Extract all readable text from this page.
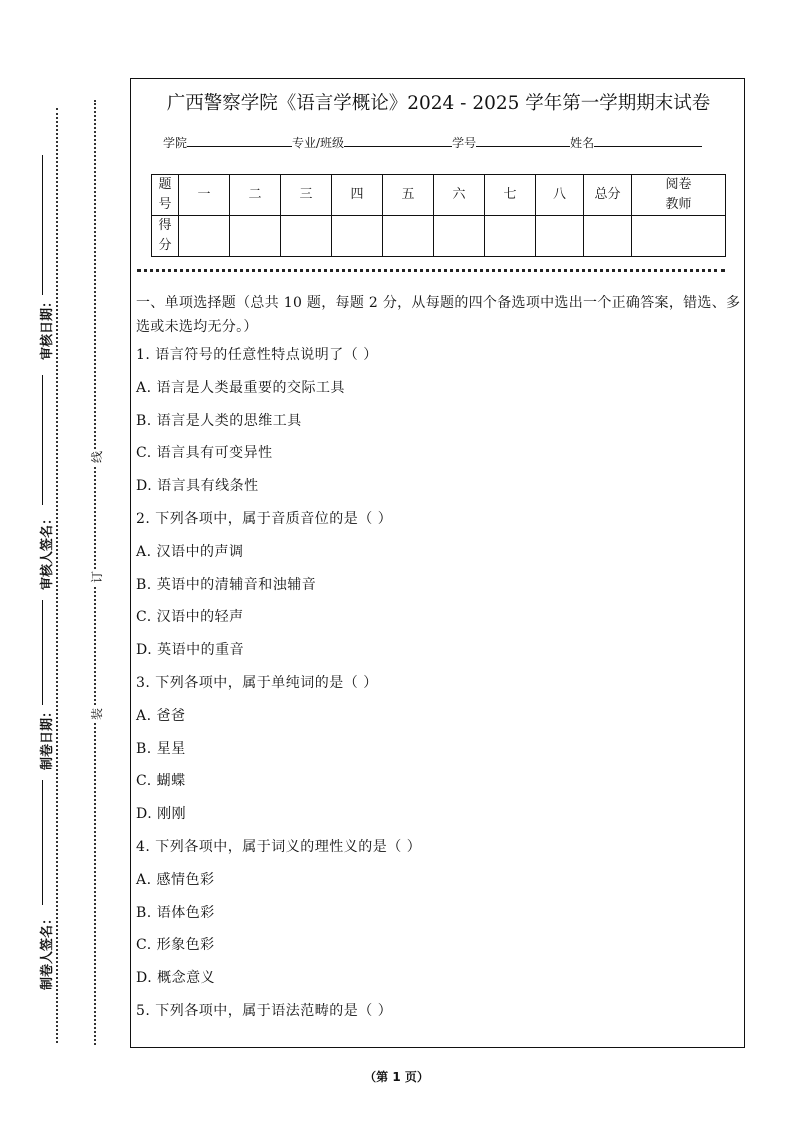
审核日期：
审核人签名：
制卷日期：
制卷人签名：
线
订
装
广西警察学院《语言学概论》2024 - 2025 学年第一学期期末试卷
学院	专业/班级	学号	姓名
题号	一	二	三	四	五	六	七	八	总分	阅卷教师
得分										
一、单项选择题（总共 10 题，每题 2 分，从每题的四个备选项中选出一个正确答案，错选、多选或未选均无分。）
1. 语言符号的任意性特点说明了（ ）
A. 语言是人类最重要的交际工具
B. 语言是人类的思维工具
C. 语言具有可变异性
D. 语言具有线条性
2. 下列各项中，属于音质音位的是（ ）
A. 汉语中的声调
B. 英语中的清辅音和浊辅音
C. 汉语中的轻声
D. 英语中的重音
3. 下列各项中，属于单纯词的是（ ）
A. 爸爸
B. 星星
C. 蝴蝶
D. 刚刚
4. 下列各项中，属于词义的理性义的是（ ）
A. 感情色彩
B. 语体色彩
C. 形象色彩
D. 概念意义
5. 下列各项中，属于语法范畴的是（ ）
（第 1 页）
